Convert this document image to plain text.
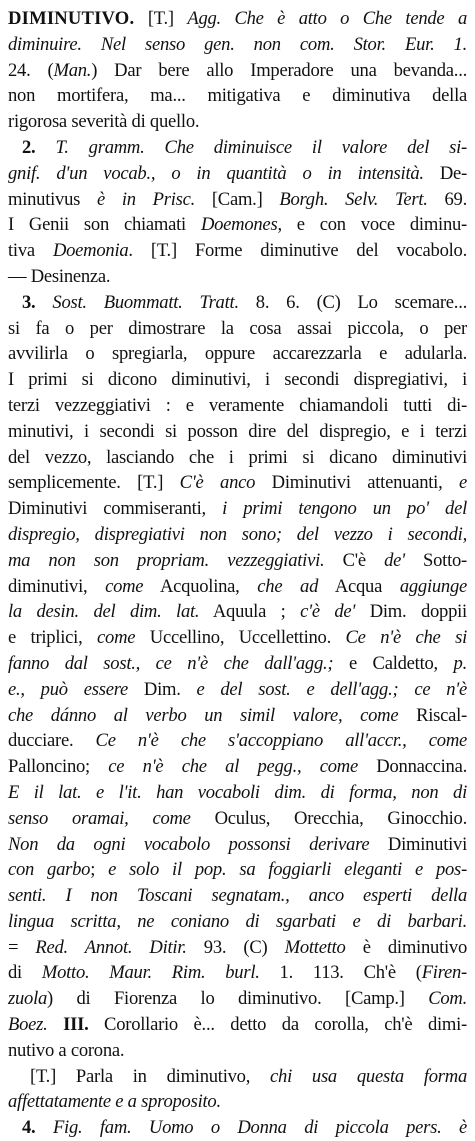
DIMINUTIVO. [T.] Agg. Che è atto o Che tende a
diminuire. Nel senso gen. non com. Stor. Eur. 1.
24. (Man.) Dar bere allo Imperadore una bevanda...
non mortifera, ma... mitigativa e diminutiva della
rigorosa severità di quello.
2. T. gramm. Che diminuisce il valore del si-
gnif. d'un vocab., o in quantità o in intensità. De-
minutivus è in Prisc. [Cam.] Borgh. Selv. Tert. 69.
I Genii son chiamati Doemones, e con voce diminu-
tiva Doemonia. [T.] Forme diminutive del vocabolo.
— Desinenza.
3. Sost. Buommatt. Tratt. 8. 6. (C) Lo scemare...
si fa o per dimostrare la cosa assai piccola, o per
avvilirla o spregiarla, oppure accarezzarla e adularla.
I primi si dicono diminutivi, i secondi dispregiativi, i
terzi vezzeggiativi : e veramente chiamandoli tutti di-
minutivi, i secondi si posson dire del dispregio, e i terzi
del vezzo, lasciando che i primi si dicano diminutivi
semplicemente. [T.] C'è anco Diminutivi attenuanti, e
Diminutivi commiseranti, i primi tengono un po' del
dispregio, dispregiativi non sono; del vezzo i secondi,
ma non son propriam. vezzeggiativi. C'è de' Sotto-
diminutivi, come Acquolina, che ad Acqua aggiunge
la desin. del dim. lat. Aquula ; c'è de' Dim. doppii
e triplici, come Uccellino, Uccellettino. Ce n'è che si
fanno dal sost., ce n'è che dall'agg.; e Caldetto, p.
e., può essere Dim. e del sost. e dell'agg.; ce n'è
che dánno al verbo un simil valore, come Riscal-
ducciare. Ce n'è che s'accoppiano all'accr., come
Palloncino; ce n'è che al pegg., come Donnaccina.
E il lat. e l'it. han vocaboli dim. di forma, non di
senso oramai, come Oculus, Orecchia, Ginocchio.
Non da ogni vocabolo possonsi derivare Diminutivi
con garbo; e solo il pop. sa foggiarli eleganti e pos-
senti. I non Toscani segnatam., anco esperti della
lingua scritta, ne coniano di sgarbati e di barbari.
= Red. Annot. Ditir. 93. (C) Mottetto è diminutivo
di Motto. Maur. Rim. burl. 1. 113. Ch'è (Firen-
zuola) di Fiorenza lo diminutivo. [Camp.] Com.
Boez. III. Corollario è... detto da corolla, ch'è dimi-
nutivo a corona.
[T.] Parla in diminutivo, chi usa questa forma
affettatamente e a sproposito.
4. Fig. fam. Uomo o Donna di piccola pers. è
